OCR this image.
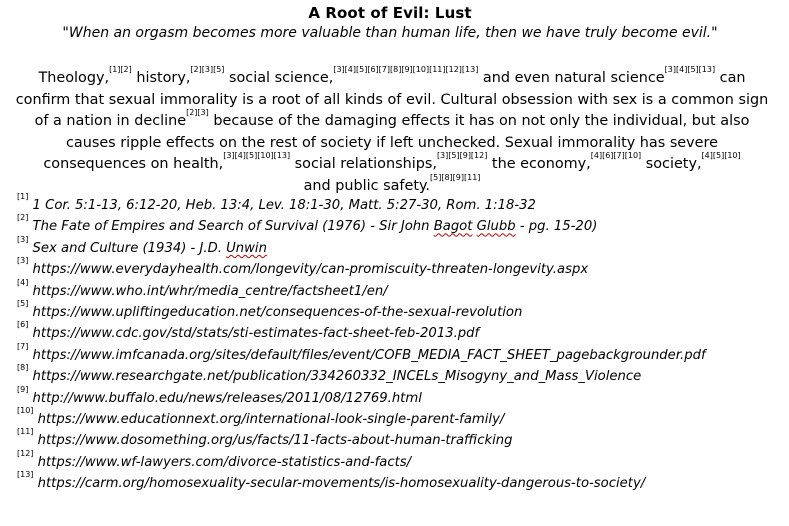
A Root of Evil: Lust
"When an orgasm becomes more valuable than human life, then we have truly become evil."
Theology,[1][2] history,[2][3][5] social science,[3][4][5][6][7][8][9][10][11][12][13] and even natural science[3][4][5][13] can confirm that sexual immorality is a root of all kinds of evil. Cultural obsession with sex is a common sign of a nation in decline[2][3] because of the damaging effects it has on not only the individual, but also causes ripple effects on the rest of society if left unchecked. Sexual immorality has severe consequences on health,[3][4][5][10][13] social relationships,[3][5][9][12] the economy,[4][6][7][10] society,[4][5][10]
and public safety.[5][8][9][11]
[1] 1 Cor. 5:1-13, 6:12-20, Heb. 13:4, Lev. 18:1-30, Matt. 5:27-30, Rom. 1:18-32
[2] The Fate of Empires and Search of Survival (1976) - Sir John Bagot Glubb - pg. 15-20)
[3] Sex and Culture (1934) - J.D. Unwin
[3] https://www.everydayhealth.com/longevity/can-promiscuity-threaten-longevity.aspx
[4] https://www.who.int/whr/media_centre/factsheet1/en/
[5] https://www.upliftingeducation.net/consequences-of-the-sexual-revolution
[6] https://www.cdc.gov/std/stats/sti-estimates-fact-sheet-feb-2013.pdf
[7] https://www.imfcanada.org/sites/default/files/event/COFB_MEDIA_FACT_SHEET_pagebackgrounder.pdf
[8] https://www.researchgate.net/publication/334260332_INCELs_Misogyny_and_Mass_Violence
[9] http://www.buffalo.edu/news/releases/2011/08/12769.html
[10] https://www.educationnext.org/international-look-single-parent-family/
[11] https://www.dosomething.org/us/facts/11-facts-about-human-trafficking
[12] https://www.wf-lawyers.com/divorce-statistics-and-facts/
[13] https://carm.org/homosexuality-secular-movements/is-homosexuality-dangerous-to-society/
